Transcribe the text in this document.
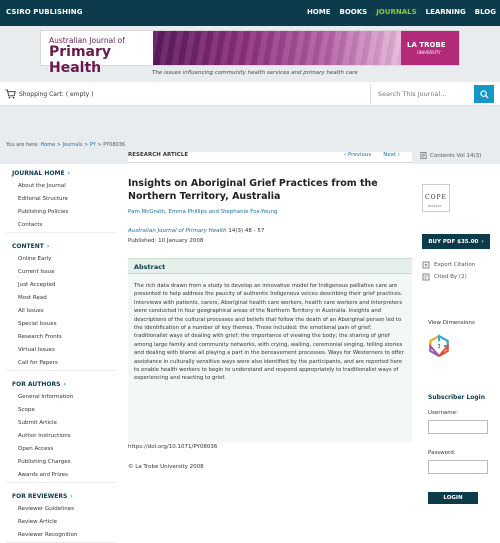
CSIRO PUBLISHING	HOME BOOKS JOURNALS LEARNING BLOG
Australian Journal of
Primary Health
LA TROBE
UNIVERSITY
The issues influencing community health services and primary health care
Shopping Cart: ( empty )
Search This Journal...
You are here: Home > Journals > PY > PY08036
JOURNAL HOME ›
About the Journal
Editorial Structure
Publishing Policies
Contacts
CONTENT ›
Online Early
Current Issue
Just Accepted
Most Read
All Issues
Special Issues
Research Fronts
Virtual Issues
Call for Papers
FOR AUTHORS ›
General Information
Scope
Submit Article
Author Instructions
Open Access
Publishing Charges
Awards and Prizes
FOR REVIEWERS ›
Reviewer Guidelines
Review Article
Reviewer Recognition
RESEARCH ARTICLE	‹ Previous Next ›
Insights on Aboriginal Grief Practices from the Northern Territory, Australia
Pam McGrath, Emma Phillips and Stephanie Fox-Young
Australian Journal of Primary Health 14(3) 48 - 57
Published: 10 January 2008
Abstract
The rich data drawn from a study to develop an innovative model for Indigenous palliative care are presented to help address the paucity of authentic Indigenous voices describing their grief practices. Interviews with patients, carers, Aboriginal health care workers, health care workers and interpreters were conducted in four geographical areas of the Northern Territory in Australia. Insights and descriptions of the cultural processes and beliefs that follow the death of an Aboriginal person led to the identification of a number of key themes. These included: the emotional pain of grief; traditionalist ways of dealing with grief; the importance of viewing the body; the sharing of grief among large family and community networks, with crying, wailing, ceremonial singing, telling stories and dealing with blame all playing a part in the bereavement processes. Ways for Westerners to offer assistance in culturally sensitive ways were also identified by the participants, and are reported here to enable health workers to begin to understand and respond appropriately to traditionalist ways of experiencing and reacting to grief.
https://doi.org/10.1071/PY08036
© La Trobe University 2008
Contents Vol 14(3)
COPE
JM12934
BUY PDF $35.00 ›
Export Citation
Cited By (2)
View Dimensions
3
Subscriber Login
Username:
Password:
LOGIN
